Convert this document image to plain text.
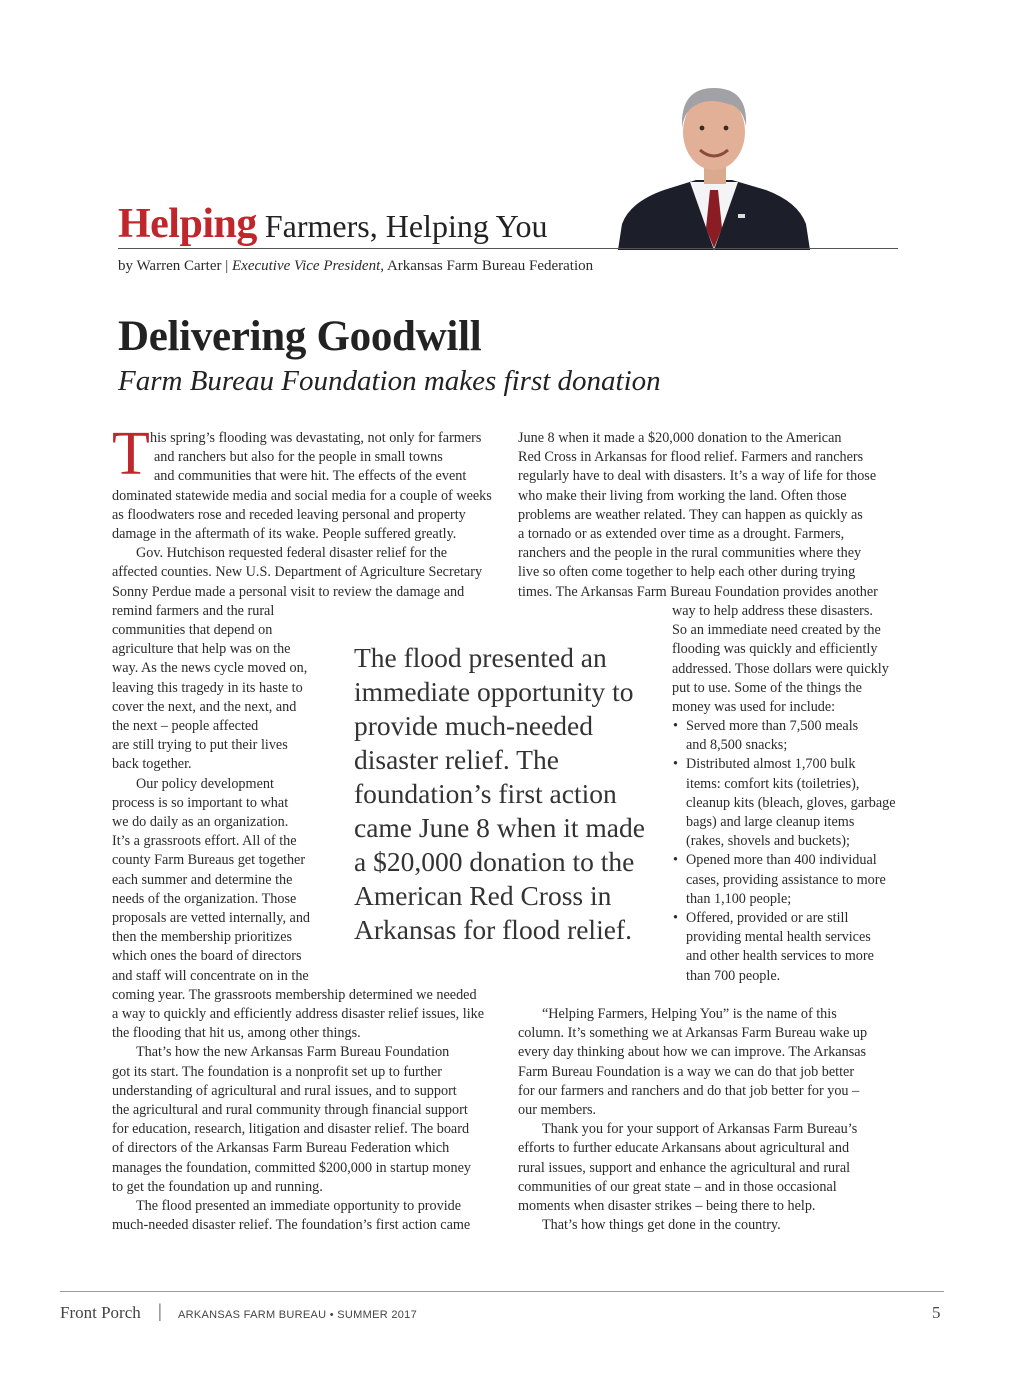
Helping Farmers, Helping You
by Warren Carter | Executive Vice President, Arkansas Farm Bureau Federation
Delivering Goodwill
Farm Bureau Foundation makes first donation
T his spring’s flooding was devastating, not only for farmers
and ranchers but also for the people in small towns
and communities that were hit. The effects of the event
dominated statewide media and social media for a couple of weeks
as floodwaters rose and receded leaving personal and property
damage in the aftermath of its wake. People suffered greatly.
Gov. Hutchison requested federal disaster relief for the
affected counties. New U.S. Department of Agriculture Secretary
Sonny Perdue made a personal visit to review the damage and
remind farmers and the rural
communities that depend on
agriculture that help was on the
way. As the news cycle moved on,
leaving this tragedy in its haste to
cover the next, and the next, and
the next – people affected
are still trying to put their lives
back together.
Our policy development
process is so important to what
we do daily as an organization.
It’s a grassroots effort. All of the
county Farm Bureaus get together
each summer and determine the
needs of the organization. Those
proposals are vetted internally, and
then the membership prioritizes
which ones the board of directors
and staff will concentrate on in the
coming year. The grassroots membership determined we needed
a way to quickly and efficiently address disaster relief issues, like
the flooding that hit us, among other things.
That’s how the new Arkansas Farm Bureau Foundation
got its start. The foundation is a nonprofit set up to further
understanding of agricultural and rural issues, and to support
the agricultural and rural community through financial support
for education, research, litigation and disaster relief. The board
of directors of the Arkansas Farm Bureau Federation which
manages the foundation, committed $200,000 in startup money
to get the foundation up and running.
The flood presented an immediate opportunity to provide
much-needed disaster relief. The foundation’s first action came
June 8 when it made a $20,000 donation to the American
Red Cross in Arkansas for flood relief. Farmers and ranchers
regularly have to deal with disasters. It’s a way of life for those
who make their living from working the land. Often those
problems are weather related. They can happen as quickly as
a tornado or as extended over time as a drought. Farmers,
ranchers and the people in the rural communities where they
live so often come together to help each other during trying
times. The Arkansas Farm Bureau Foundation provides another
way to help address these disasters.
So an immediate need created by the
flooding was quickly and efficiently
addressed. Those dollars were quickly
put to use. Some of the things the
money was used for include:
• Served more than 7,500 meals
and 8,500 snacks;
• Distributed almost 1,700 bulk
items: comfort kits (toiletries),
cleanup kits (bleach, gloves, garbage
bags) and large cleanup items
(rakes, shovels and buckets);
• Opened more than 400 individual
cases, providing assistance to more
than 1,100 people;
• Offered, provided or are still
providing mental health services
and other health services to more
than 700 people.
“Helping Farmers, Helping You” is the name of this
column. It’s something we at Arkansas Farm Bureau wake up
every day thinking about how we can improve. The Arkansas
Farm Bureau Foundation is a way we can do that job better
for our farmers and ranchers and do that job better for you –
our members.
Thank you for your support of Arkansas Farm Bureau’s
efforts to further educate Arkansans about agricultural and
rural issues, support and enhance the agricultural and rural
communities of our great state – and in those occasional
moments when disaster strikes – being there to help.
That’s how things get done in the country.
The flood presented an immediate opportunity to provide much-needed disaster relief. The foundation’s first action came June 8 when it made a $20,000 donation to the American Red Cross in Arkansas for flood relief.
Front Porch | ARKANSAS FARM BUREAU • SUMMER 2017	5
